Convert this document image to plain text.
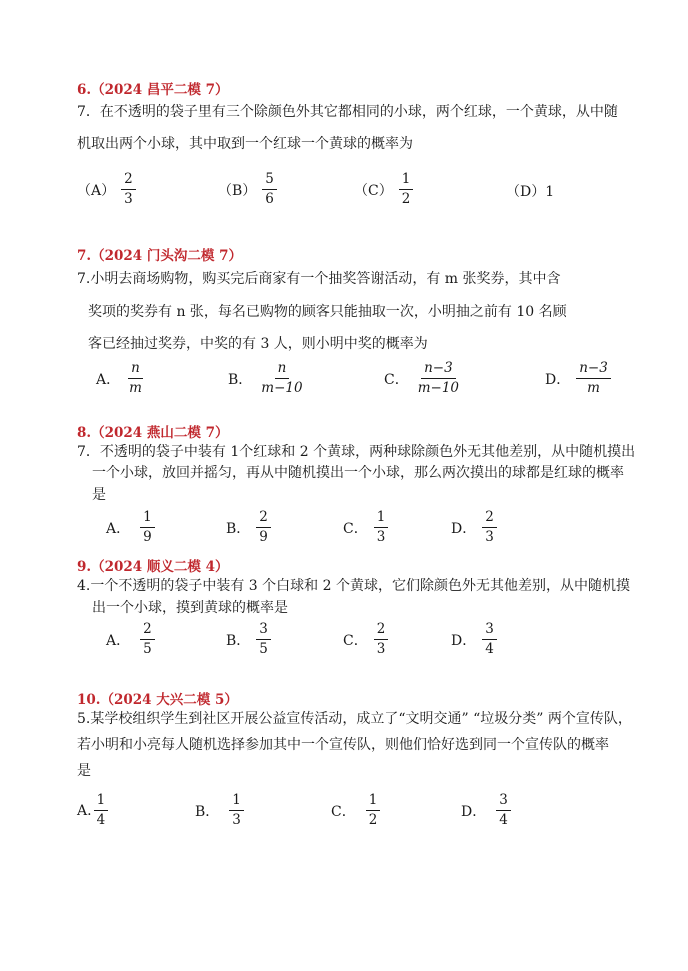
6.（2024 昌平二模 7）
7．在不透明的袋子里有三个除颜色外其它都相同的小球，两个红球，一个黄球，从中随
机取出两个小球，其中取到一个红球一个黄球的概率为
$(A) \frac{2}{3}$	$(B) \frac{5}{6}$	$(C) \frac{1}{2}$	（D）1
7.（2024 门头沟二模 7）
7.小明去商场购物，购买完后商家有一个抽奖答谢活动，有 m 张奖券，其中含
奖项的奖券有 n 张，每名已购物的顾客只能抽取一次，小明抽之前有 10 名顾
客已经抽过奖券，中奖的有 3 人，则小明中奖的概率为
A． $\frac{n}{m}$	B． $\frac{n}{m-10}$	C． $\frac{n-3}{m-10}$	D． $\frac{n-3}{m}$
8.（2024 燕山二模 7）
7．不透明的袋子中装有 1个红球和 2 个黄球，两种球除颜色外无其他差别，从中随机摸出
一个小球，放回并摇匀，再从中随机摸出一个小球，那么两次摸出的球都是红球的概率
是
A． $\frac{1}{9}$	B． $\frac{2}{9}$	C． $\frac{1}{3}$	D． $\frac{2}{3}$
9.（2024 顺义二模 4）
4.一个不透明的袋子中装有 3 个白球和 2 个黄球，它们除颜色外无其他差别，从中随机摸
出一个小球，摸到黄球的概率是
A． $\frac{2}{5}$	B． $\frac{3}{5}$	C． $\frac{2}{3}$	D． $\frac{3}{4}$
10.（2024 大兴二模 5）
5.某学校组织学生到社区开展公益宣传活动，成立了“文明交通” “垃圾分类” 两个宣传队，
若小明和小亮每人随机选择参加其中一个宣传队，则他们恰好选到同一个宣传队的概率
是
A. $\frac{1}{4}$	B． $\frac{1}{3}$	C． $\frac{1}{2}$	D． $\frac{3}{4}$
